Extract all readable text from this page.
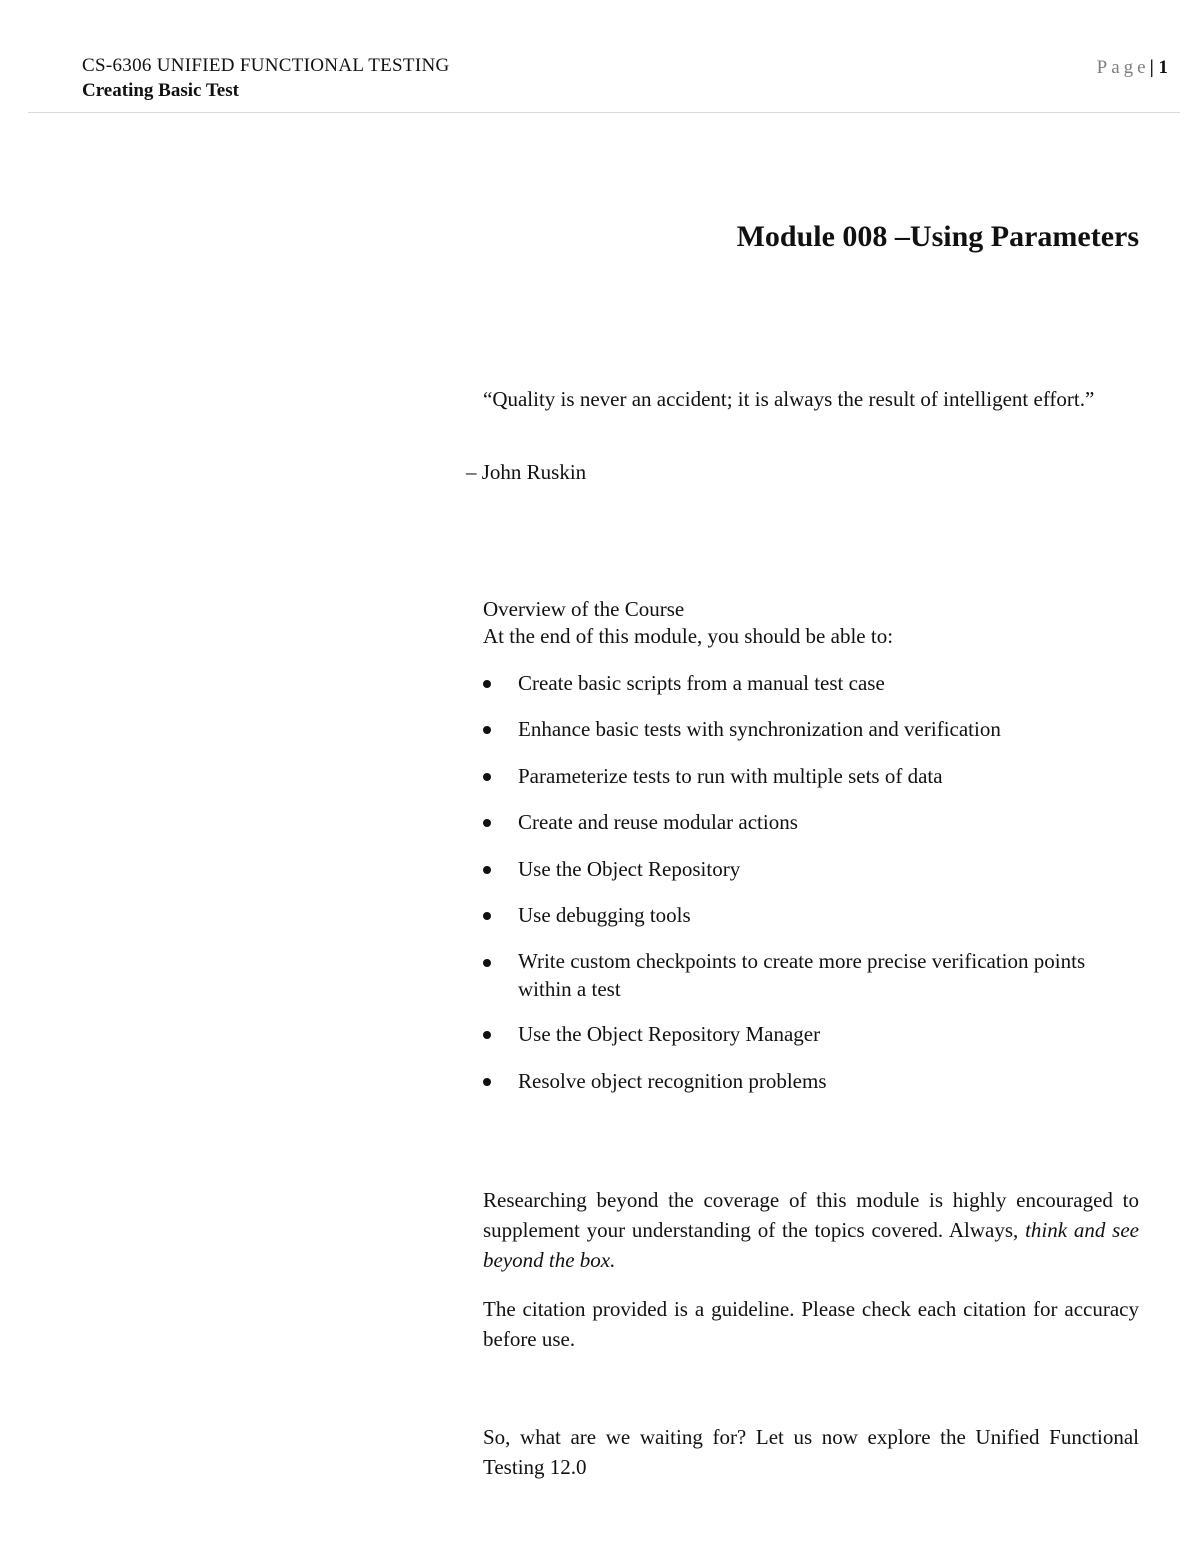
CS-6306 UNIFIED FUNCTIONAL TESTING
Creating Basic Test
Page| 1
Module 008 –Using Parameters

“Quality is never an accident; it is always the result of intelligent effort.”

– John Ruskin

Overview of the Course

At the end of this module, you should be able to:

Create basic scripts from a manual test case
Enhance basic tests with synchronization and verification
Parameterize tests to run with multiple sets of data
Create and reuse modular actions
Use the Object Repository
Use debugging tools
Write custom checkpoints to create more precise verification points within a test
Use the Object Repository Manager
Resolve object recognition problems

Researching beyond the coverage of this module is highly encouraged to supplement your understanding of the topics covered. Always, think and see beyond the box.

The citation provided is a guideline. Please check each citation for accuracy before use.

So, what are we waiting for? Let us now explore the Unified Functional Testing 12.0
